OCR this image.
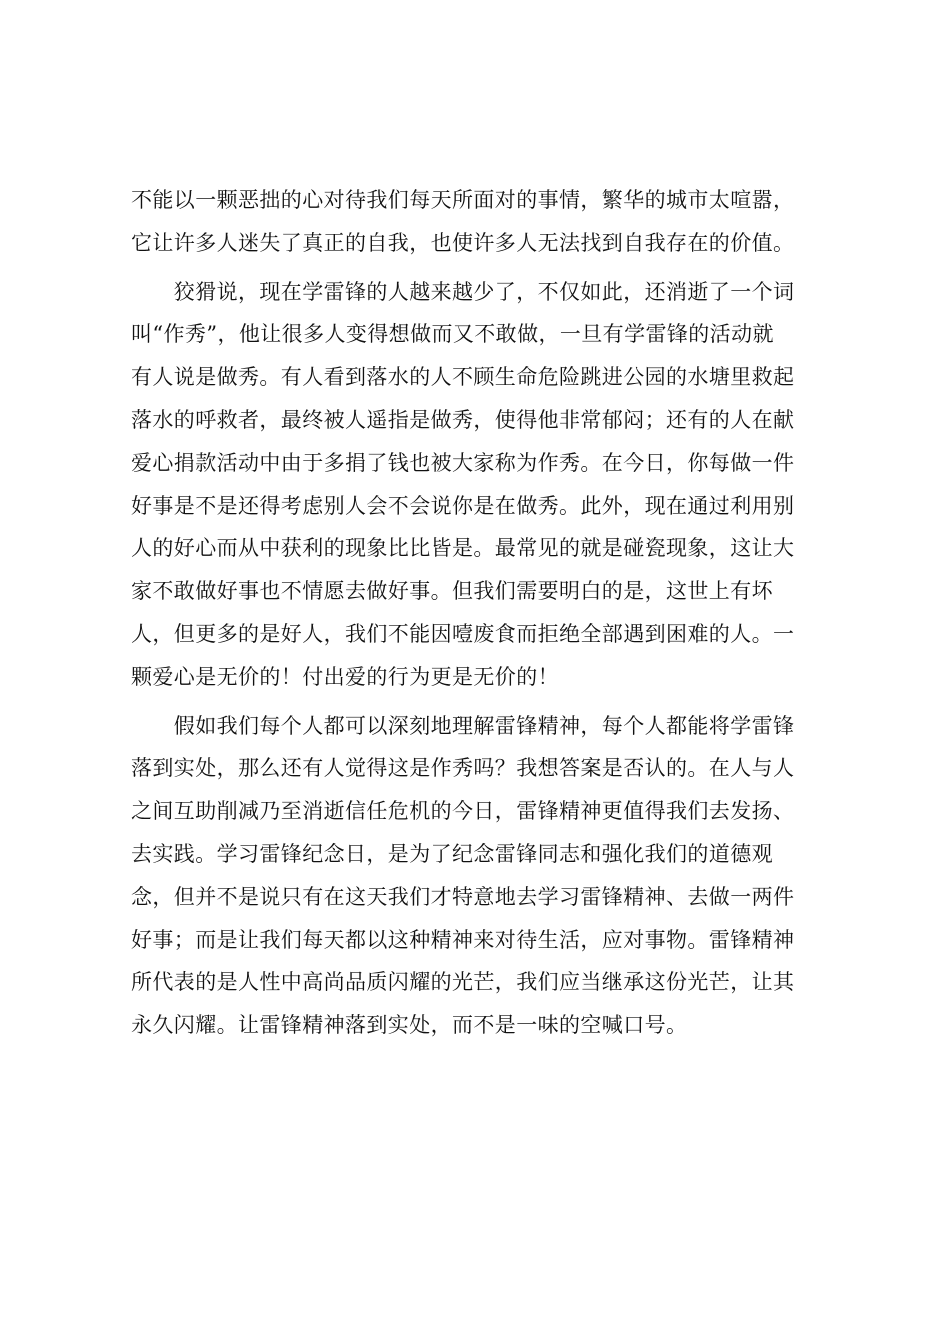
不能以一颗恶拙的心对待我们每天所面对的事情，繁华的城市太喧嚣，
它让许多人迷失了真正的自我，也使许多人无法找到自我存在的价值。
　　狡猾说，现在学雷锋的人越来越少了，不仅如此，还消逝了一个词
叫“作秀”，他让很多人变得想做而又不敢做，一旦有学雷锋的活动就
有人说是做秀。有人看到落水的人不顾生命危险跳进公园的水塘里救起
落水的呼救者，最终被人遥指是做秀，使得他非常郁闷；还有的人在献
爱心捐款活动中由于多捐了钱也被大家称为作秀。在今日，你每做一件
好事是不是还得考虑别人会不会说你是在做秀。此外，现在通过利用别
人的好心而从中获利的现象比比皆是。最常见的就是碰瓷现象，这让大
家不敢做好事也不情愿去做好事。但我们需要明白的是，这世上有坏
人，但更多的是好人，我们不能因噎废食而拒绝全部遇到困难的人。一
颗爱心是无价的！付出爱的行为更是无价的！
　　假如我们每个人都可以深刻地理解雷锋精神，每个人都能将学雷锋
落到实处，那么还有人觉得这是作秀吗？我想答案是否认的。在人与人
之间互助削减乃至消逝信任危机的今日，雷锋精神更值得我们去发扬、
去实践。学习雷锋纪念日，是为了纪念雷锋同志和强化我们的道德观
念，但并不是说只有在这天我们才特意地去学习雷锋精神、去做一两件
好事；而是让我们每天都以这种精神来对待生活，应对事物。雷锋精神
所代表的是人性中高尚品质闪耀的光芒，我们应当继承这份光芒，让其
永久闪耀。让雷锋精神落到实处，而不是一味的空喊口号。
